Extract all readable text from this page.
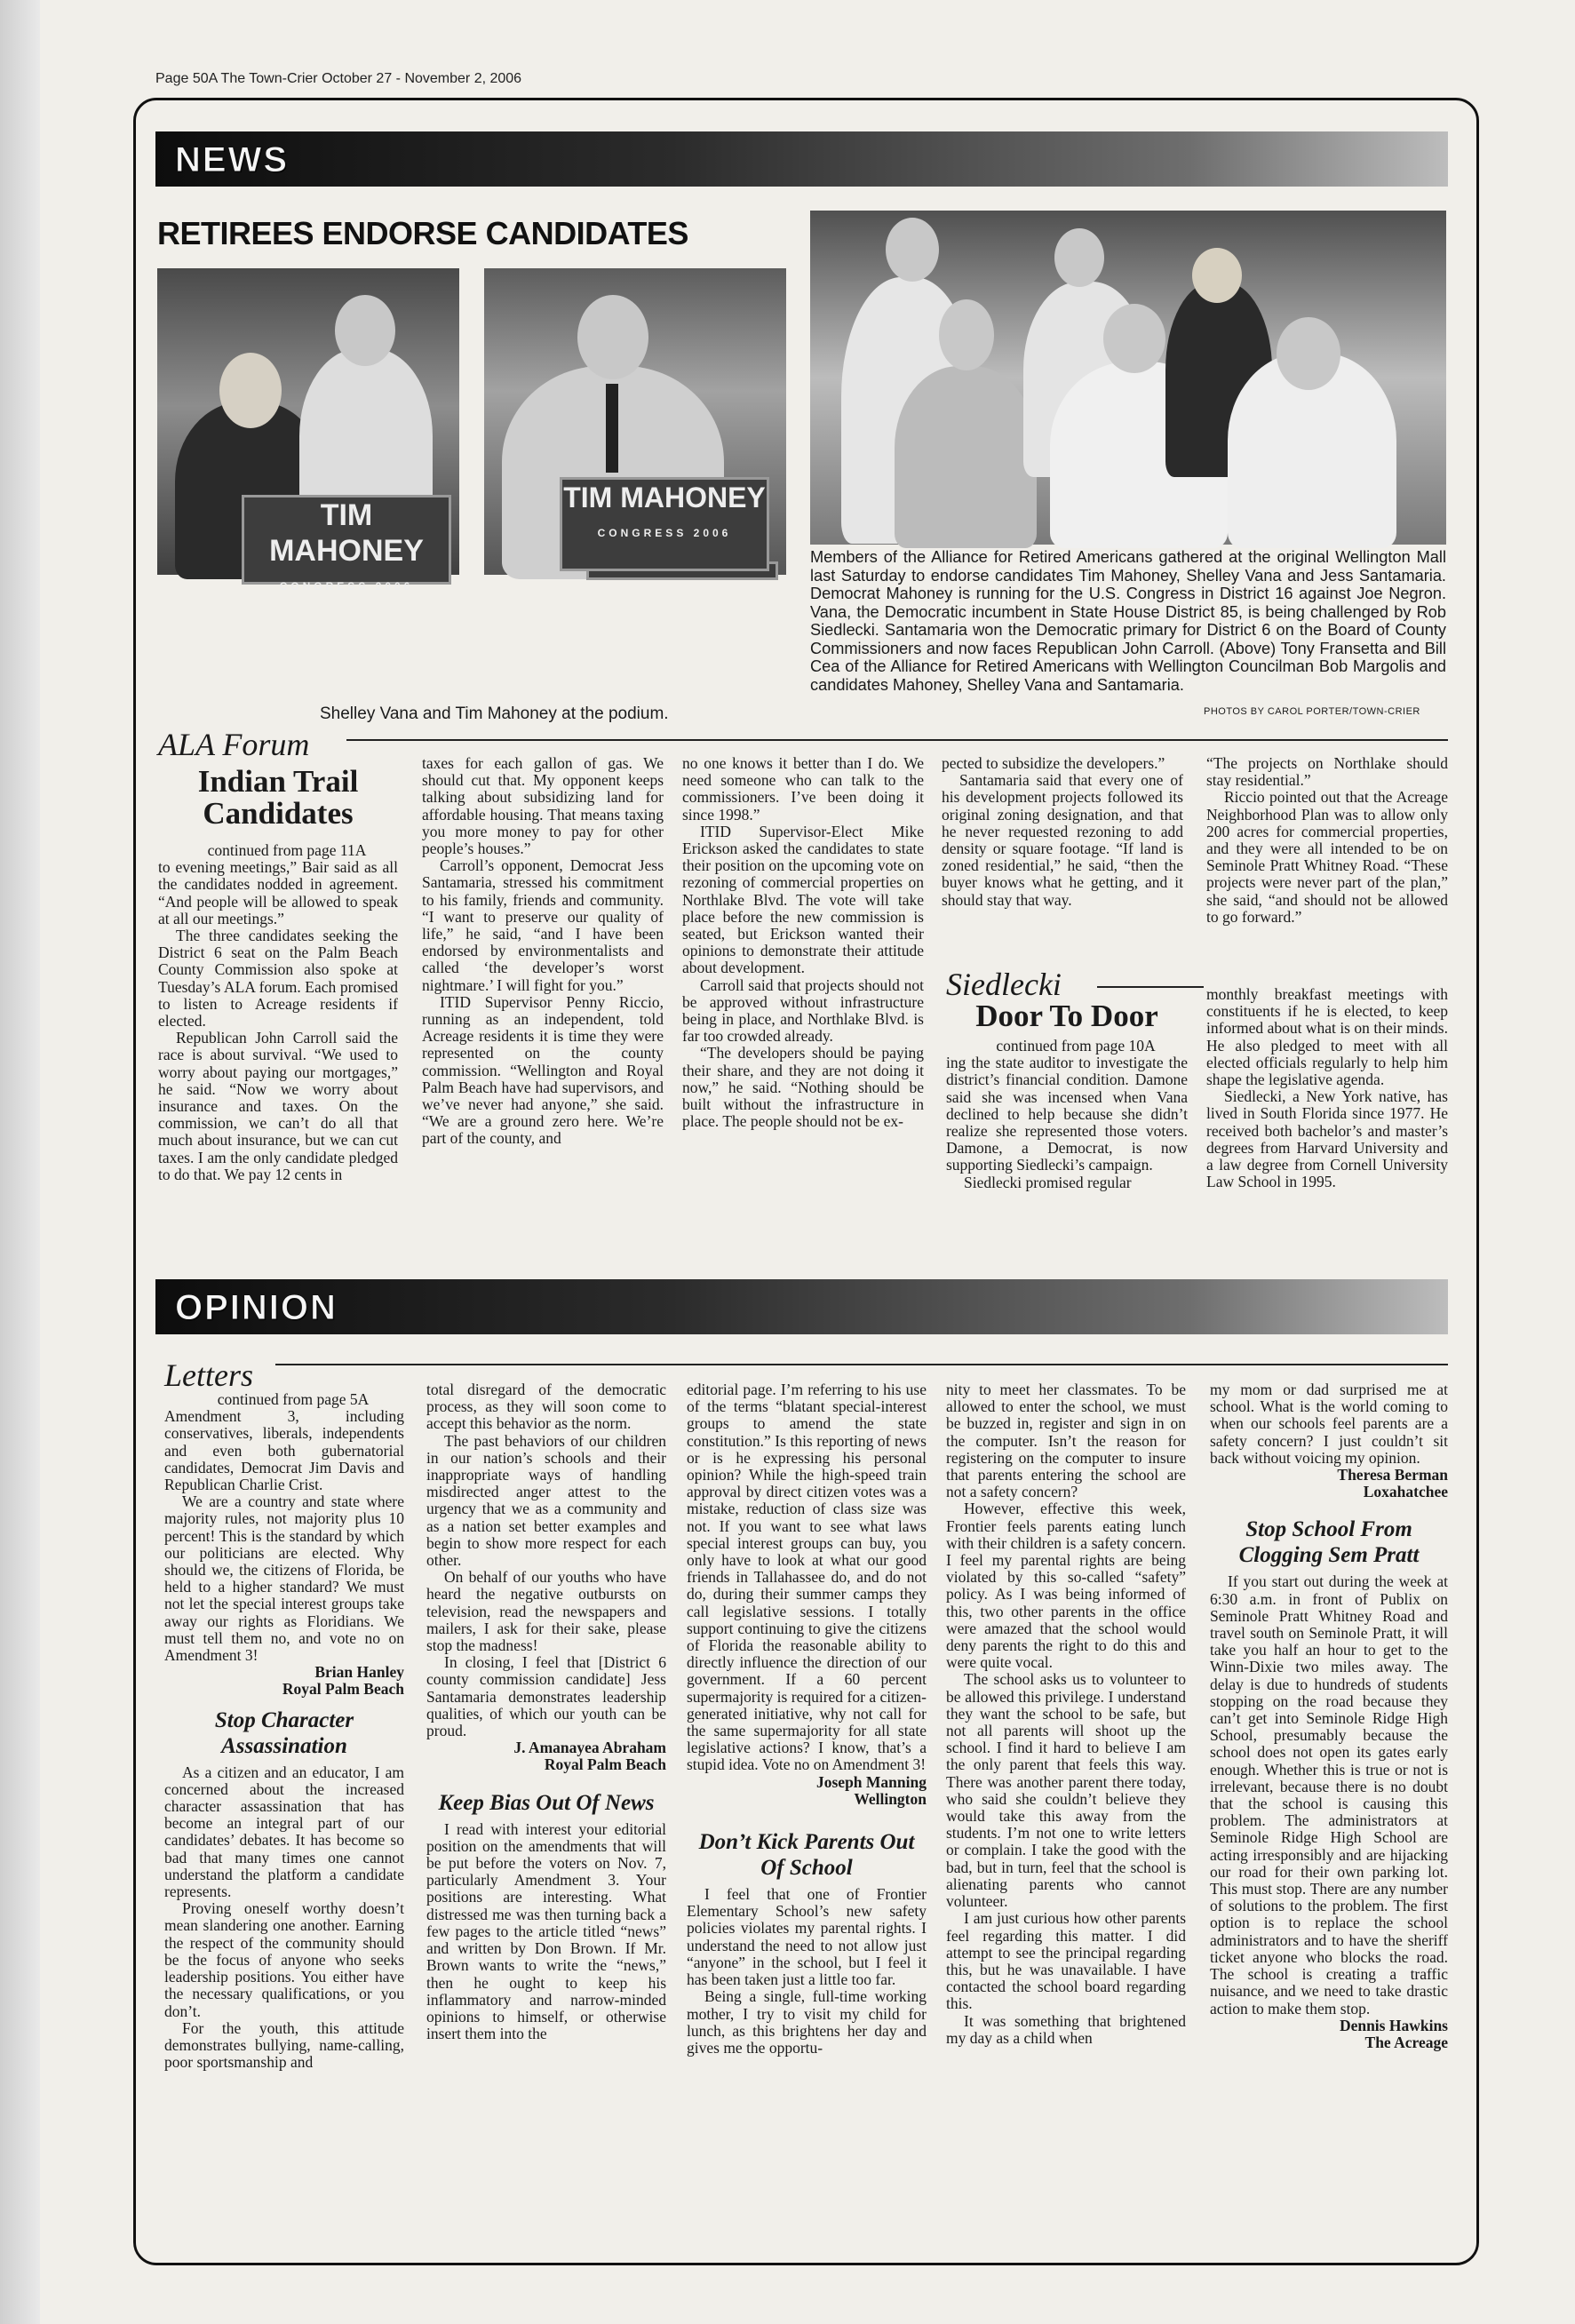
Page 50A The Town-Crier October 27 - November 2, 2006
NEWS
RETIREES ENDORSE CANDIDATES
TIM MAHONEY
CONGRESS 2006
TIM MAHONEY
CONGRESS 2006
Shelley Vana and Tim Mahoney at the podium.
Members of the Alliance for Retired Americans gathered at the original Wellington Mall last Saturday to endorse candidates Tim Mahoney, Shelley Vana and Jess Santamaria. Democrat Mahoney is running for the U.S. Congress in District 16 against Joe Negron. Vana, the Democratic incumbent in State House District 85, is being challenged by Rob Siedlecki. Santamaria won the Democratic primary for District 6 on the Board of County Commissioners and now faces Republican John Carroll. (Above) Tony Fransetta and Bill Cea of the Alliance for Retired Americans with Wellington Councilman Bob Margolis and candidates Mahoney, Shelley Vana and Santamaria.
PHOTOS BY CAROL PORTER/TOWN-CRIER
ALA Forum
Indian Trail Candidates

continued from page 11A

to evening meetings,” Bair said as all the candidates nodded in agreement. “And people will be allowed to speak at all our meetings.”

The three candidates seeking the District 6 seat on the Palm Beach County Commission also spoke at Tuesday’s ALA forum. Each promised to listen to Acreage residents if elected.

Republican John Carroll said the race is about survival. “We used to worry about paying our mortgages,” he said. “Now we worry about insurance and taxes. On the commission, we can’t do all that much about insurance, but we can cut taxes. I am the only candidate pledged to do that. We pay 12 cents in

taxes for each gallon of gas. We should cut that. My opponent keeps talking about subsidizing land for affordable housing. That means taxing you more money to pay for other people’s houses.”

Carroll’s opponent, Democrat Jess Santamaria, stressed his commitment to his family, friends and community. “I want to preserve our quality of life,” he said, “and I have been endorsed by environmentalists and called ‘the developer’s worst nightmare.’ I will fight for you.”

ITID Supervisor Penny Riccio, running as an independent, told Acreage residents it is time they were represented on the county commission. “Wellington and Royal Palm Beach have had supervisors, and we’ve never had anyone,” she said. “We are a ground zero here. We’re part of the county, and

no one knows it better than I do. We need someone who can talk to the commissioners. I’ve been doing it since 1998.”

ITID Supervisor-Elect Mike Erickson asked the candidates to state their position on the upcoming vote on rezoning of commercial properties on Northlake Blvd. The vote will take place before the new commission is seated, but Erickson wanted their opinions to demonstrate their attitude about development.

Carroll said that projects should not be approved without infrastructure being in place, and Northlake Blvd. is far too crowded already.

“The developers should be paying their share, and they are not doing it now,” he said. “Nothing should be built without the infrastructure in place. The people should not be ex-

pected to subsidize the developers.”

Santamaria said that every one of his development projects followed its original zoning designation, and that he never requested rezoning to add density or square footage. “If land is zoned residential,” he said, “then the buyer knows what he getting, and it should stay that way.

“The projects on Northlake should stay residential.”

Riccio pointed out that the Acreage Neighborhood Plan was to allow only 200 acres for commercial properties, and they were all intended to be on Seminole Pratt Whitney Road. “These projects were never part of the plan,” she said, “and should not be allowed to go forward.”

Siedlecki
Door To Door

continued from page 10A

ing the state auditor to investigate the district’s financial condition. Damone said she was incensed when Vana declined to help because she didn’t realize she represented those voters. Damone, a Democrat, is now supporting Siedlecki’s campaign.

Siedlecki promised regular

monthly breakfast meetings with constituents if he is elected, to keep informed about what is on their minds. He also pledged to meet with all elected officials regularly to help him shape the legislative agenda.

Siedlecki, a New York native, has lived in South Florida since 1977. He received both bachelor’s and master’s degrees from Harvard University and a law degree from Cornell University Law School in 1995.

OPINION
Letters

continued from page 5A

Amendment 3, including conservatives, liberals, independents and even both gubernatorial candidates, Democrat Jim Davis and Republican Charlie Crist.

We are a country and state where majority rules, not majority plus 10 percent! This is the standard by which our politicians are elected. Why should we, the citizens of Florida, be held to a higher standard? We must not let the special interest groups take away our rights as Floridians. We must tell them no, and vote no on Amendment 3!

Brian Hanley
Royal Palm Beach
Stop Character Assassination

As a citizen and an educator, I am concerned about the increased character assassination that has become an integral part of our candidates’ debates. It has become so bad that many times one cannot understand the platform a candidate represents.

Proving oneself worthy doesn’t mean slandering one another. Earning the respect of the community should be the focus of anyone who seeks leadership positions. You either have the necessary qualifications, or you don’t.

For the youth, this attitude demonstrates bullying, name-calling, poor sportsmanship and

total disregard of the democratic process, as they will soon come to accept this behavior as the norm.

The past behaviors of our children in our nation’s schools and their inappropriate ways of handling misdirected anger attest to the urgency that we as a community and as a nation set better examples and begin to show more respect for each other.

On behalf of our youths who have heard the negative outbursts on television, read the newspapers and mailers, I ask for their sake, please stop the madness!

In closing, I feel that [District 6 county commission candidate] Jess Santamaria demonstrates leadership qualities, of which our youth can be proud.

J. Amanayea Abraham
Royal Palm Beach
Keep Bias Out Of News

I read with interest your editorial position on the amendments that will be put before the voters on Nov. 7, particularly Amendment 3. Your positions are interesting. What distressed me was then turning back a few pages to the article titled “news” and written by Don Brown. If Mr. Brown wants to write the “news,” then he ought to keep his inflammatory and narrow-minded opinions to himself, or otherwise insert them into the

editorial page. I’m referring to his use of the terms “blatant special-interest groups to amend the state constitution.” Is this reporting of news or is he expressing his personal opinion? While the high-speed train approval by direct citizen votes was a mistake, reduction of class size was not. If you want to see what laws special interest groups can buy, you only have to look at what our good friends in Tallahassee do, and do not do, during their summer camps they call legislative sessions. I totally support continuing to give the citizens of Florida the reasonable ability to directly influence the direction of our government. If a 60 percent supermajority is required for a citizen-generated initiative, why not call for the same supermajority for all state legislative actions? I know, that’s a stupid idea. Vote no on Amendment 3!

Joseph Manning
Wellington
Don’t Kick Parents Out Of School

I feel that one of Frontier Elementary School’s new safety policies violates my parental rights. I understand the need to not allow just “anyone” in the school, but I feel it has been taken just a little too far.

Being a single, full-time working mother, I try to visit my child for lunch, as this brightens her day and gives me the opportu-

nity to meet her classmates. To be allowed to enter the school, we must be buzzed in, register and sign in on the computer. Isn’t the reason for registering on the computer to insure that parents entering the school are not a safety concern?

However, effective this week, Frontier feels parents eating lunch with their children is a safety concern. I feel my parental rights are being violated by this so-called “safety” policy. As I was being informed of this, two other parents in the office were amazed that the school would deny parents the right to do this and were quite vocal.

The school asks us to volunteer to be allowed this privilege. I understand they want the school to be safe, but not all parents will shoot up the school. I find it hard to believe I am the only parent that feels this way. There was another parent there today, who said she couldn’t believe they would take this away from the students. I’m not one to write letters or complain. I take the good with the bad, but in turn, feel that the school is alienating parents who cannot volunteer.

I am just curious how other parents feel regarding this matter. I did attempt to see the principal regarding this, but he was unavailable. I have contacted the school board regarding this.

It was something that brightened my day as a child when

my mom or dad surprised me at school. What is the world coming to when our schools feel parents are a safety concern? I just couldn’t sit back without voicing my opinion.

Theresa Berman
Loxahatchee
Stop School From Clogging Sem Pratt

If you start out during the week at 6:30 a.m. in front of Publix on Seminole Pratt Whitney Road and travel south on Seminole Pratt, it will take you half an hour to get to the Winn-Dixie two miles away. The delay is due to hundreds of students stopping on the road because they can’t get into Seminole Ridge High School, presumably because the school does not open its gates early enough. Whether this is true or not is irrelevant, because there is no doubt that the school is causing this problem. The administrators at Seminole Ridge High School are acting irresponsibly and are hijacking our road for their own parking lot. This must stop. There are any number of solutions to the problem. The first option is to replace the school administrators and to have the sheriff ticket anyone who blocks the road. The school is creating a traffic nuisance, and we need to take drastic action to make them stop.

Dennis Hawkins
The Acreage
